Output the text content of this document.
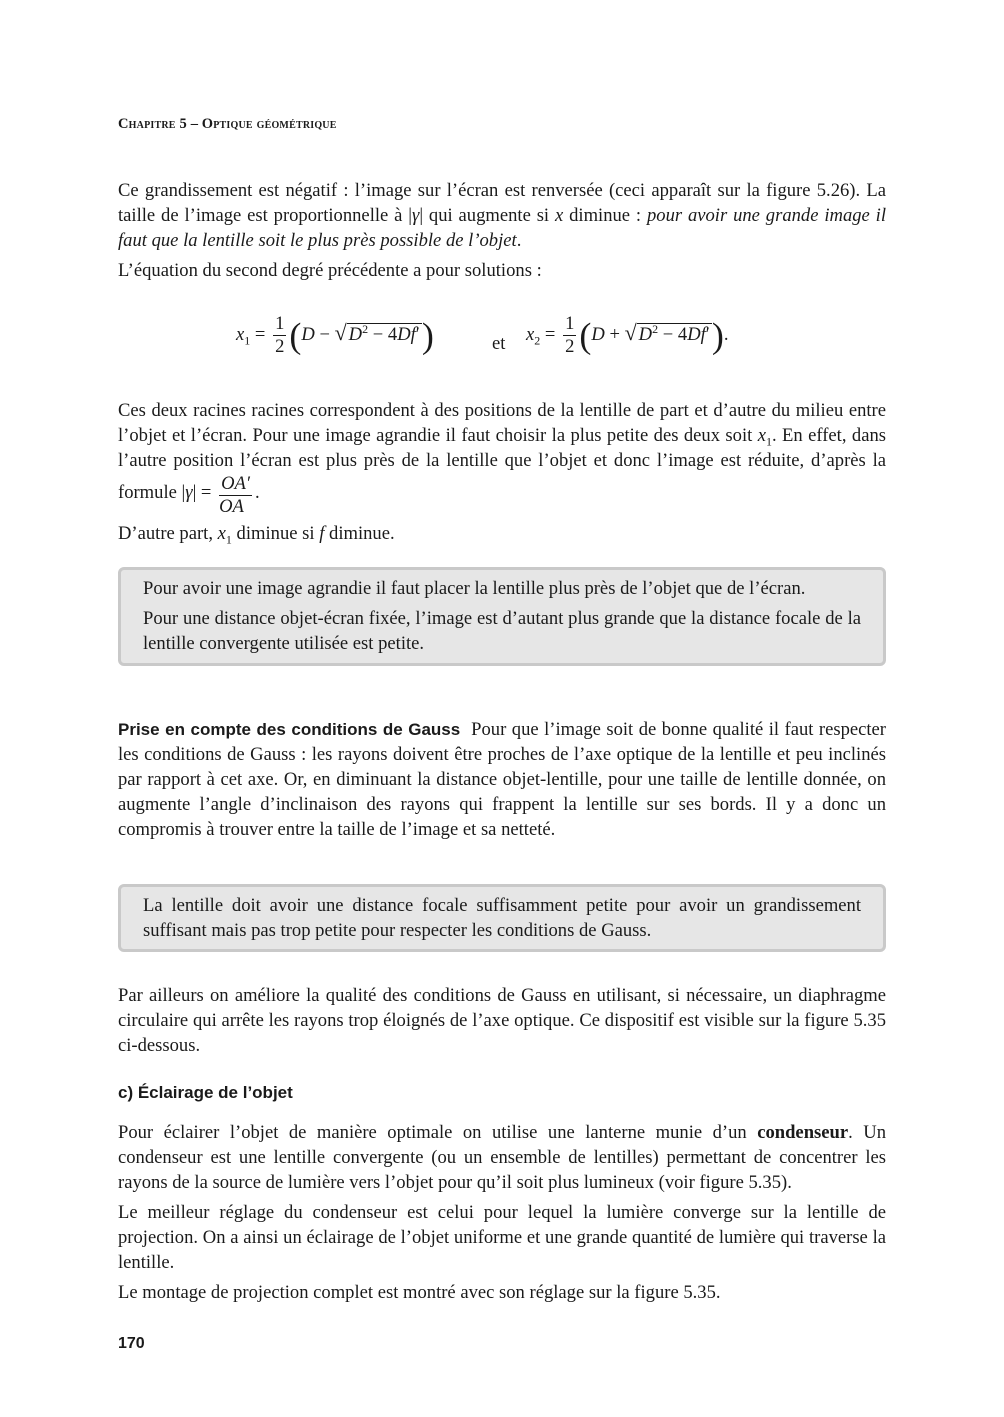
Chapitre 5 – Optique géométrique

Ce grandissement est négatif : l’image sur l’écran est renversée (ceci apparaît sur la figure 5.26). La taille de l’image est proportionnelle à |γ| qui augmente si x diminue : pour avoir une grande image il faut que la lentille soit le plus près possible de l’objet.

L’équation du second degré précédente a pour solutions :

$x_1 = \frac{1}{2} (D$ − √ $D^2 - 4Df'$)	et $x_2 = \frac{1}{2} (D$ + √ $D^2 - 4Df'$).

Ces deux racines racines correspondent à des positions de la lentille de part et d’autre du milieu entre l’objet et l’écran. Pour une image agrandie il faut choisir la plus petite des deux soit $x_1$. En effet, dans l’autre position l’écran est plus près de la lentille que l’objet et donc l’image est réduite, d’après la formule $|\gamma| = \frac{OA'}{OA}$ .

D’autre part, $x_1$ diminue si f diminue.

Pour avoir une image agrandie il faut placer la lentille plus près de l’objet que de l’écran.

Pour une distance objet-écran fixée, l’image est d’autant plus grande que la distance focale de la lentille convergente utilisée est petite.

Prise en compte des conditions de Gauss Pour que l’image soit de bonne qualité il faut respecter les conditions de Gauss : les rayons doivent être proches de l’axe optique de la lentille et peu inclinés par rapport à cet axe. Or, en diminuant la distance objet-lentille, pour une taille de lentille donnée, on augmente l’angle d’inclinaison des rayons qui frappent la lentille sur ses bords. Il y a donc un compromis à trouver entre la taille de l’image et sa netteté.

La lentille doit avoir une distance focale suffisamment petite pour avoir un grandissement suffisant mais pas trop petite pour respecter les conditions de Gauss.

Par ailleurs on améliore la qualité des conditions de Gauss en utilisant, si nécessaire, un diaphragme circulaire qui arrête les rayons trop éloignés de l’axe optique. Ce dispositif est visible sur la figure 5.35 ci-dessous.

c) Éclairage de l’objet

Pour éclairer l’objet de manière optimale on utilise une lanterne munie d’un condenseur. Un condenseur est une lentille convergente (ou un ensemble de lentilles) permettant de concentrer les rayons de la source de lumière vers l’objet pour qu’il soit plus lumineux (voir figure 5.35).

Le meilleur réglage du condenseur est celui pour lequel la lumière converge sur la lentille de projection. On a ainsi un éclairage de l’objet uniforme et une grande quantité de lumière qui traverse la lentille.

Le montage de projection complet est montré avec son réglage sur la figure 5.35.

170
